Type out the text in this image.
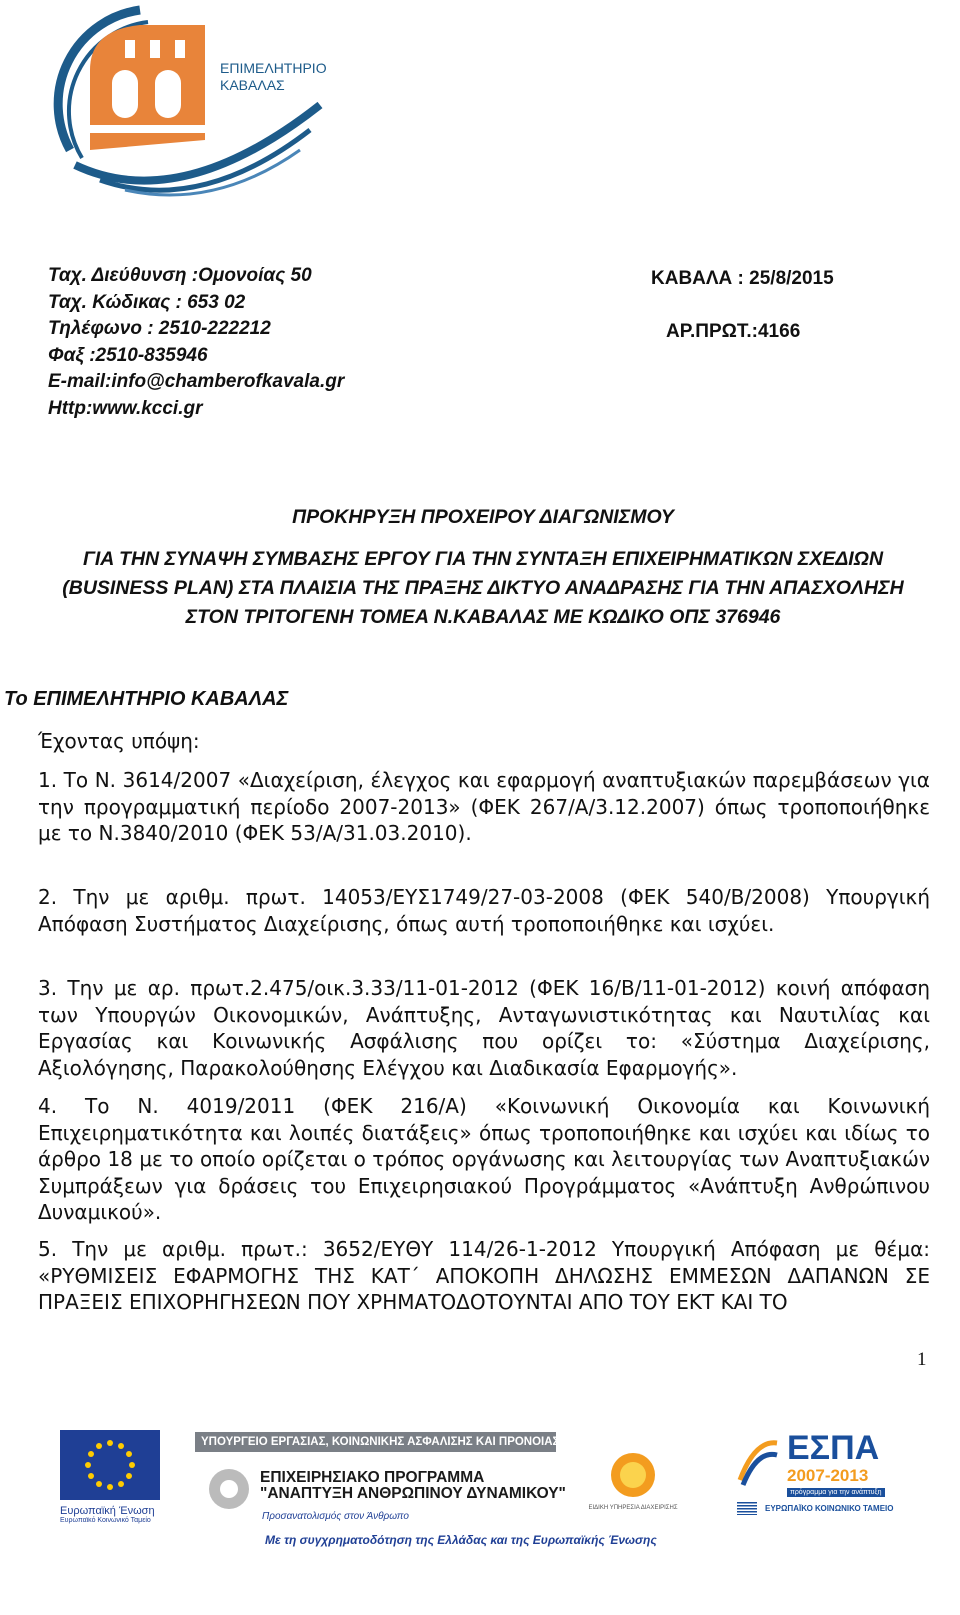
ΕΠΙΜΕΛΗΤΗΡΙΟ
ΚΑΒΑΛΑΣ
Ταχ. Διεύθυνση :Ομονοίας 50
Ταχ. Κώδικας : 653 02
Τηλέφωνο : 2510-222212
Φαξ :2510-835946
E-mail:info@chamberofkavala.gr
Http:www.kcci.gr
ΚΑΒΑΛΑ : 25/8/2015
ΑΡ.ΠΡΩΤ.:4166
ΠΡΟΚΗΡΥΞΗ ΠΡΟΧΕΙΡΟΥ ΔΙΑΓΩΝΙΣΜΟΥ
ΓΙΑ ΤΗΝ ΣΥΝΑΨΗ ΣΥΜΒΑΣΗΣ ΕΡΓΟΥ ΓΙΑ ΤΗΝ ΣΥΝΤΑΞΗ ΕΠΙΧΕΙΡΗΜΑΤΙΚΩΝ ΣΧΕΔΙΩΝ
(BUSINESS PLAN) ΣΤΑ ΠΛΑΙΣΙΑ ΤΗΣ ΠΡΑΞΗΣ ΔΙΚΤΥΟ ΑΝΑΔΡΑΣΗΣ ΓΙΑ ΤΗΝ ΑΠΑΣΧΟΛΗΣΗ
ΣΤΟΝ ΤΡΙΤΟΓΕΝΗ ΤΟΜΕΑ Ν.ΚΑΒΑΛΑΣ ΜΕ ΚΩΔΙΚΟ ΟΠΣ 376946
Το ΕΠΙΜΕΛΗΤΗΡΙΟ ΚΑΒΑΛΑΣ
Έχοντας υπόψη:
1. Το Ν. 3614/2007 «Διαχείριση, έλεγχος και εφαρμογή αναπτυξιακών παρεμβάσεων για την προγραμματική περίοδο 2007-2013» (ΦΕΚ 267/Α/3.12.2007) όπως τροποποιήθηκε με το Ν.3840/2010 (ΦΕΚ 53/Α/31.03.2010).
2. Την με αριθμ. πρωτ. 14053/ΕΥΣ1749/27-03-2008 (ΦΕΚ 540/Β/2008) Υπουργική Απόφαση Συστήματος Διαχείρισης, όπως αυτή τροποποιήθηκε και ισχύει.
3. Την με αρ. πρωτ.2.475/οικ.3.33/11-01-2012 (ΦΕΚ 16/Β/11-01-2012) κοινή απόφαση των Υπουργών Οικονομικών, Ανάπτυξης, Ανταγωνιστικότητας και Ναυτιλίας και Εργασίας και Κοινωνικής Ασφάλισης που ορίζει το: «Σύστημα Διαχείρισης, Αξιολόγησης, Παρακολούθησης Ελέγχου και Διαδικασία Εφαρμογής».
4. Το Ν. 4019/2011 (ΦΕΚ 216/Α) «Κοινωνική Οικονομία και Κοινωνική Επιχειρηματικότητα και λοιπές διατάξεις» όπως τροποποιήθηκε και ισχύει και ιδίως το άρθρο 18 με το οποίο ορίζεται ο τρόπος οργάνωσης και λειτουργίας των Αναπτυξιακών Συμπράξεων για δράσεις του Επιχειρησιακού Προγράμματος «Ανάπτυξη Ανθρώπινου Δυναμικού».
5. Την με αριθμ. πρωτ.: 3652/ΕΥΘΥ 114/26-1-2012 Υπουργική Απόφαση με θέμα: «ΡΥΘΜΙΣΕΙΣ ΕΦΑΡΜΟΓΗΣ ΤΗΣ ΚΑΤ΄ ΑΠΟΚΟΠΗ ΔΗΛΩΣΗΣ ΕΜΜΕΣΩΝ ΔΑΠΑΝΩΝ ΣΕ ΠΡΑΞΕΙΣ ΕΠΙΧΟΡΗΓΗΣΕΩΝ ΠΟΥ ΧΡΗΜΑΤΟΔΟΤΟΥΝΤΑΙ ΑΠΟ ΤΟΥ ΕΚΤ ΚΑΙ ΤΟ
1
Ευρωπαϊκή Ένωση
Ευρωπαϊκό Κοινωνικό Ταμείο
ΥΠΟΥΡΓΕΙΟ ΕΡΓΑΣΙΑΣ, ΚΟΙΝΩΝΙΚΗΣ ΑΣΦΑΛΙΣΗΣ ΚΑΙ ΠΡΟΝΟΙΑΣ
ΕΠΙΧΕΙΡΗΣΙΑΚΟ ΠΡΟΓΡΑΜΜΑ
"ΑΝΑΠΤΥΞΗ ΑΝΘΡΩΠΙΝΟΥ ΔΥΝΑΜΙΚΟΥ"
Προσανατολισμός στον Άνθρωπο
ΕΙΔΙΚΗ ΥΠΗΡΕΣΙΑ ΔΙΑΧΕΙΡΙΣΗΣ
ΕΣΠΑ
2007-2013
πρόγραμμα για την ανάπτυξη
ΕΥΡΩΠΑΪΚΟ ΚΟΙΝΩΝΙΚΟ ΤΑΜΕΙΟ
Με τη συγχρηματοδότηση της Ελλάδας και της Ευρωπαϊκής Ένωσης
